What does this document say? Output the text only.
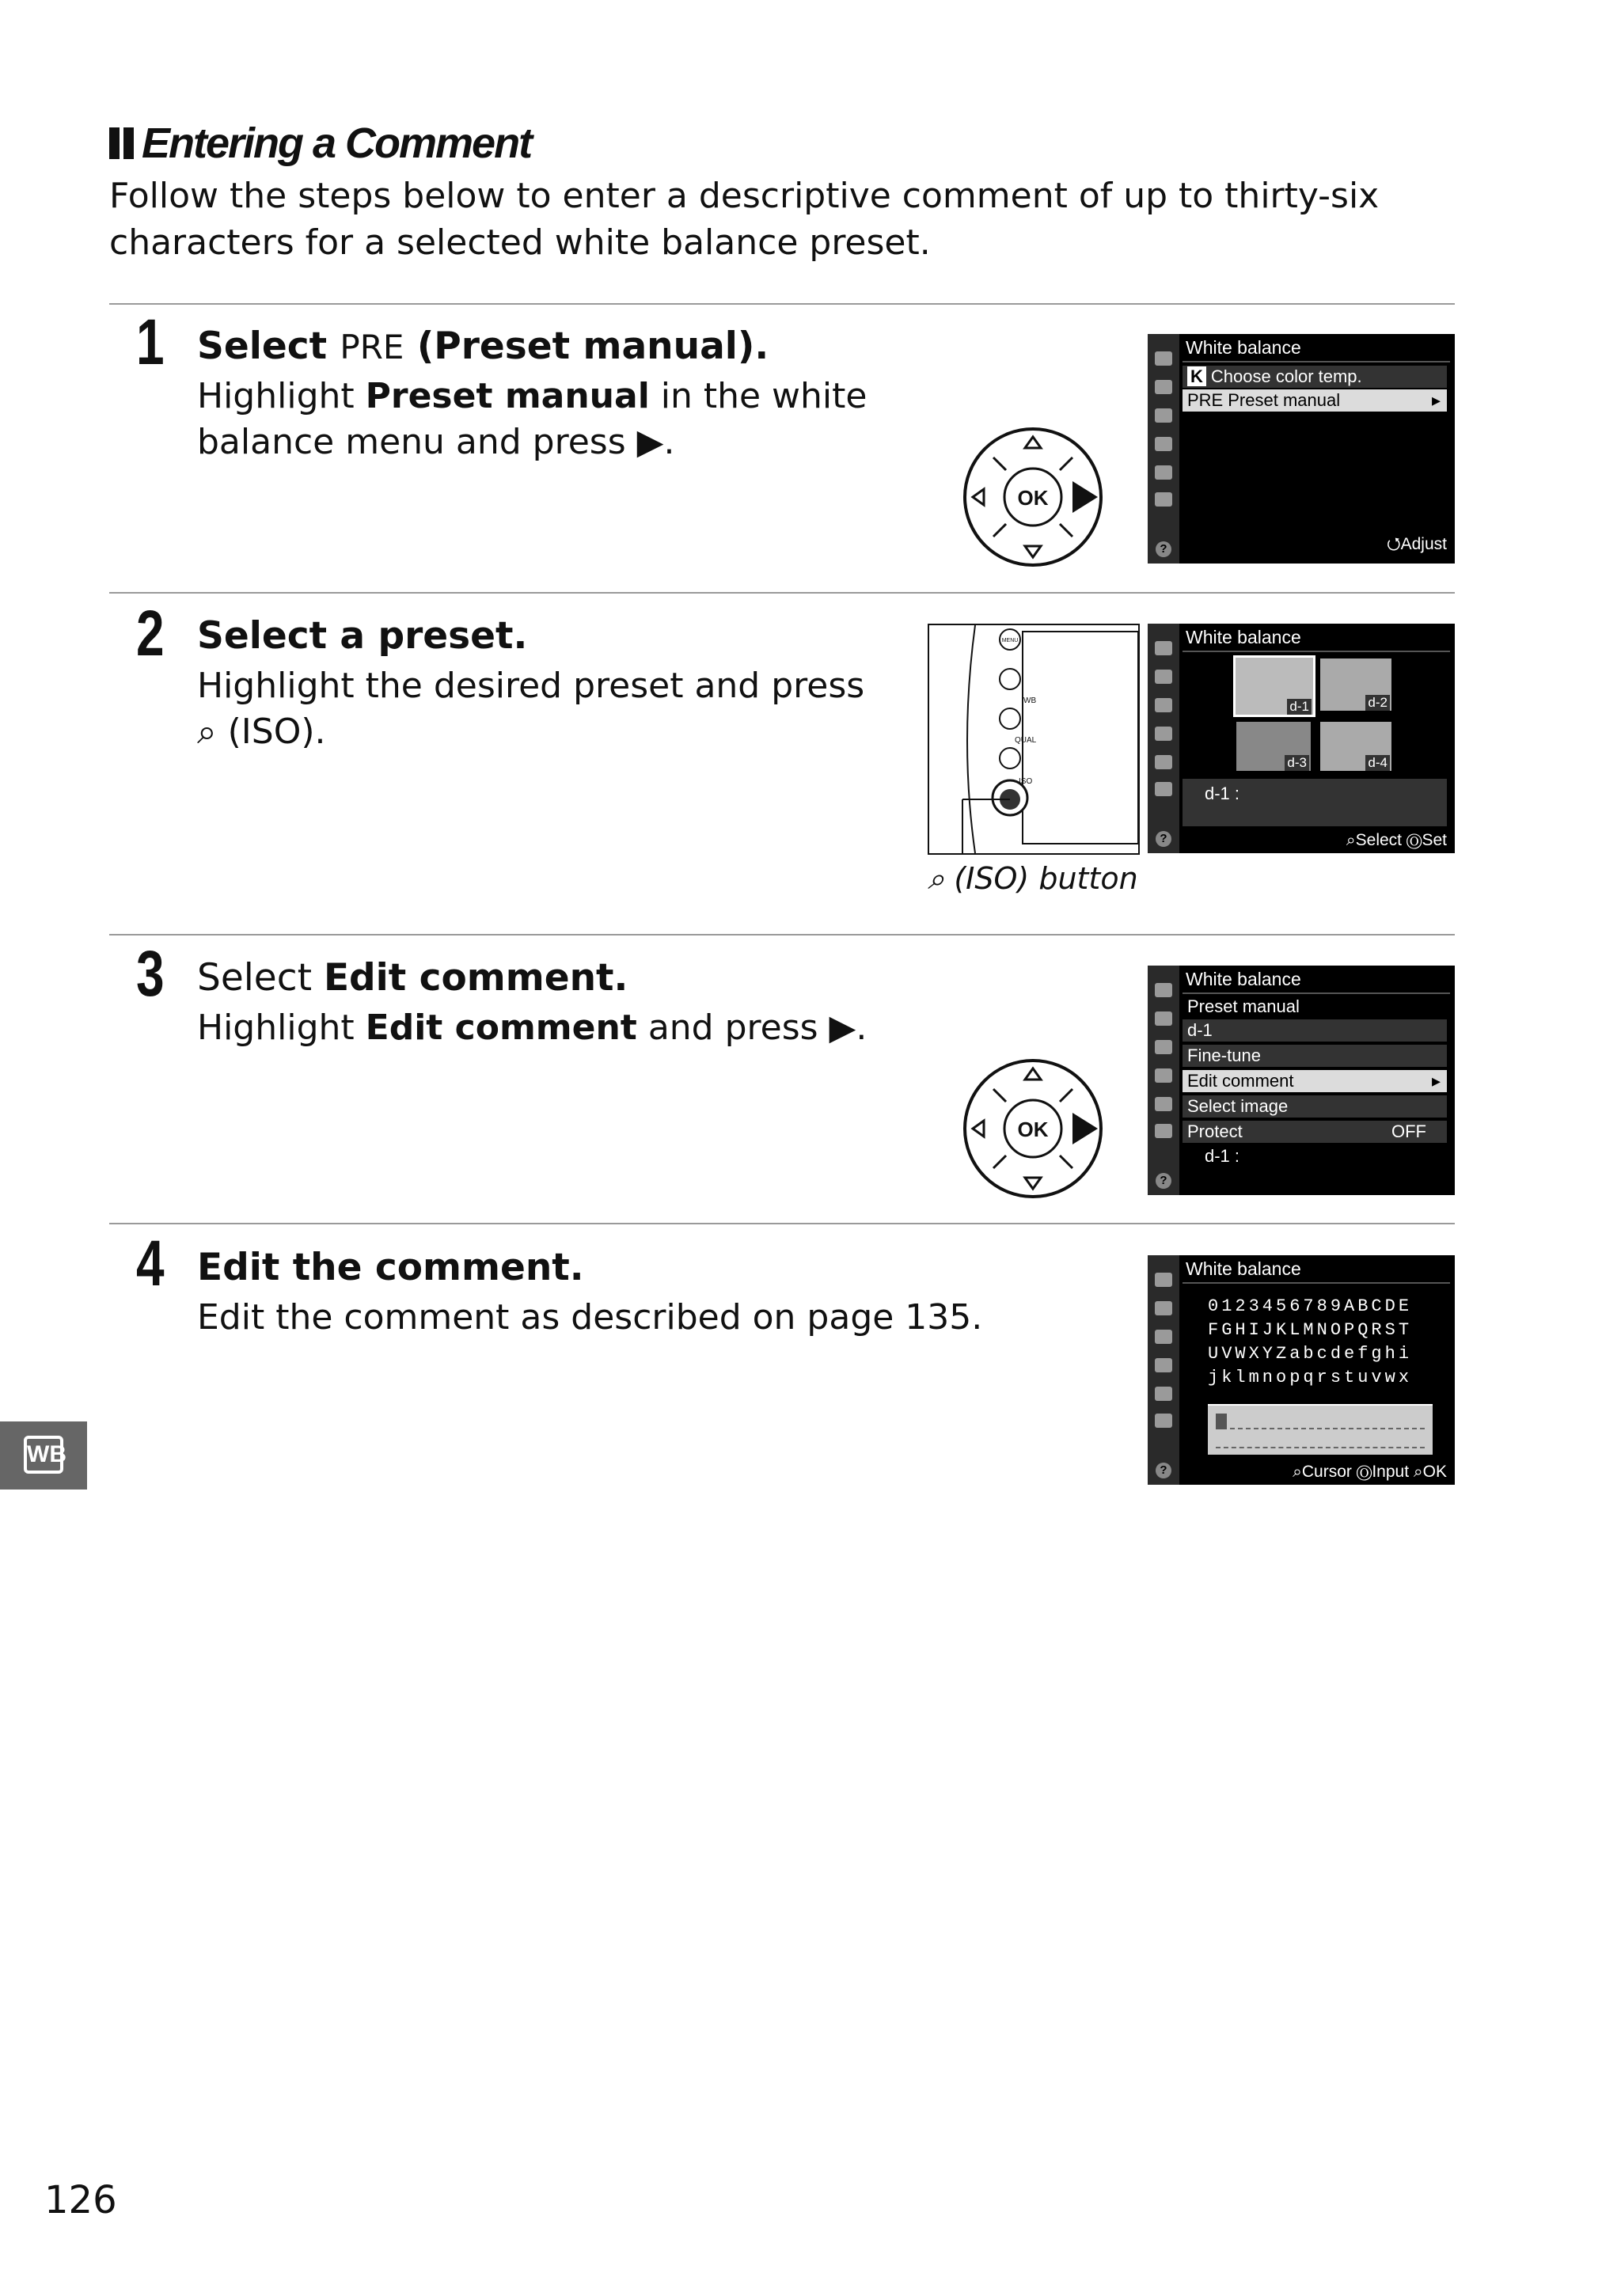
Entering a Comment
Follow the steps below to enter a descriptive comment of up to thirty-six characters for a selected white balance preset.
1 Select PRE (Preset manual).
Highlight Preset manual in the white
balance menu and press ▶.
OK
White balance
K Choose color temp.
PRE Preset manual	▸
?	⭯Adjust
2 Select a preset.
Highlight the desired preset and press
⌕ (ISO).
WB
QUAL
ISO
MENU
⌕ (ISO) button
White balance
d-1	d-2
d-3	d-4
d-1 :
?	⌕Select ⓄSet
3 Select Edit comment.
Highlight Edit comment and press ▶.
OK
White balance
Preset manual
d-1
Fine-tune
Edit comment	▸
Select image
Protect	OFF
d-1 :
?
4 Edit the comment.
Edit the comment as described on page 135.
White balance
0123456789ABCDE
FGHIJKLMNOPQRST
UVWXYZabcdefghi
jklmnopqrstuvwx
?	⌕Cursor ⓄInput ⌕OK
WB
126
